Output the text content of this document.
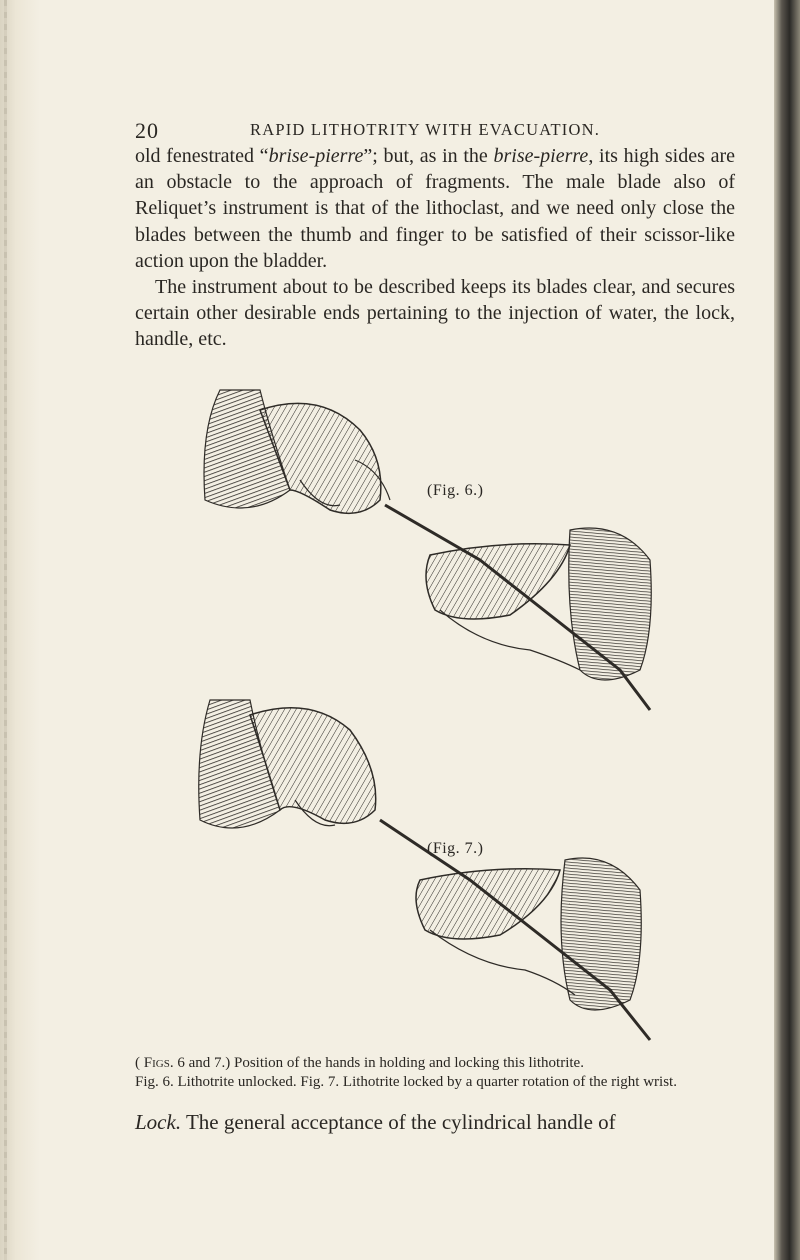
20	RAPID LITHOTRITY WITH EVACUATION.

old fenestrated “brise-pierre”; but, as in the brise-pierre, its high sides are an obstacle to the approach of fragments. The male blade also of Reliquet’s instrument is that of the lithoclast, and we need only close the blades between the thumb and finger to be satisfied of their scissor-like action upon the bladder.

The instrument about to be described keeps its blades clear, and secures certain other desirable ends pertaining to the injection of water, the lock, handle, etc.

(Fig. 6.)
(Fig. 7.)

( Figs. 6 and 7.) Position of the hands in holding and locking this lithotrite.

Fig. 6. Lithotrite unlocked. Fig. 7. Lithotrite locked by a quarter rotation of the right wrist.

Lock. The general acceptance of the cylindrical handle of
